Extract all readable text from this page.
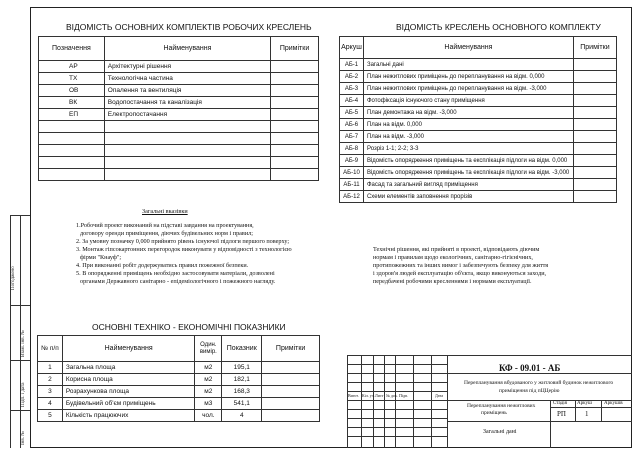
Погоджено
Взам. інв. №
Підп. і дата
Інв. №
ВІДОМІСТЬ ОСНОВНИХ КОМПЛЕКТІВ РОБОЧИХ КРЕСЛЕНЬ
Позначення	Найменування	Примітки
АР	Архітектурні рішення	
ТХ	Технологічна частина	
ОВ	Опалення та вентиляція	
ВК	Водопостачання та каналізація	
ЕП	Електропостачання	

ВІДОМІСТЬ КРЕСЛЕНЬ ОСНОВНОГО КОМПЛЕКТУ
Аркуш	Найменування	Примітки
АБ-1	Загальні дані	
АБ-2	План нежитлових приміщень до перепланування на відм. 0,000	
АБ-3	План нежитлових приміщень до перепланування на відм. -3,000	
АБ-4	Фотофіксація існуючого стану приміщення	
АБ-5	План демонтажа на відм. -3,000	
АБ-6	План на відм. 0,000	
АБ-7	План на відм. -3,000	
АБ-8	Розріз 1-1; 2-2; 3-3	
АБ-9	Відомість опорядження приміщень та експлікація підлоги на відм. 0,000	
АБ-10	Відомість опорядження приміщень та експлікація підлоги на відм. -3,000	
АБ-11	Фасад та загальний вигляд приміщення	
АБ-12	Схеми елементів заповнення прорізів	

Загальні вказівки

1.Робочий проект виконаний на підставі завдання на проектування,

договору оренди приміщення, діючих будівельних норм і правил;

2. За умовну позначку 0,000 прийнято рівень існуючої підлоги першого поверху;

3. Монтаж гіпсокартонних перегородок виконувати у відповідності з технологією

фірми "Кнауф";

4. При виконанні робіт додержуватись правил пожежної безпеки.

5. В опорядженні приміщень необхідно застосовувати матеріали, дозволені

органами Державного санітарно - епідеміологічного і пожежного нагляду.

Технічні рішення, які прийняті в проекті, відповідають діючим

нормам і правилам щодо екологічних, санітарно-гігієнічних,

протипожежних та інших вимог і забезпечують безпеку для життя

і здоров'я людей експлуатацію об'єкта, якщо виконуються заходи,

передбачені робочими кресленнями і нормами експлуатації.

ОСНОВНІ ТЕХНІКО - ЕКОНОМІЧНІ ПОКАЗНИКИ
№ п/п	Найменування	Один. вимір.	Показник	Примітки
1	Загальна площа	м2	195,1	
2	Корисна площа	м2	182,1	
3	Розрахункова площа	м2	168,3	
4	Будівельний об'єм приміщень	м3	541,1	
5	Кількість працюючих	чол.	4	
КФ - 09.01 - АБ
Перепланування вбудованого у житловий будинок нежитлового
приміщення під пЦЦерію
Вигот. Кіл. уч. Лист № док. Підп.	Дата
Перепланування нежитлових
приміщень
Стадія Аркуш Аркушів
РП	1
Загальні дані
